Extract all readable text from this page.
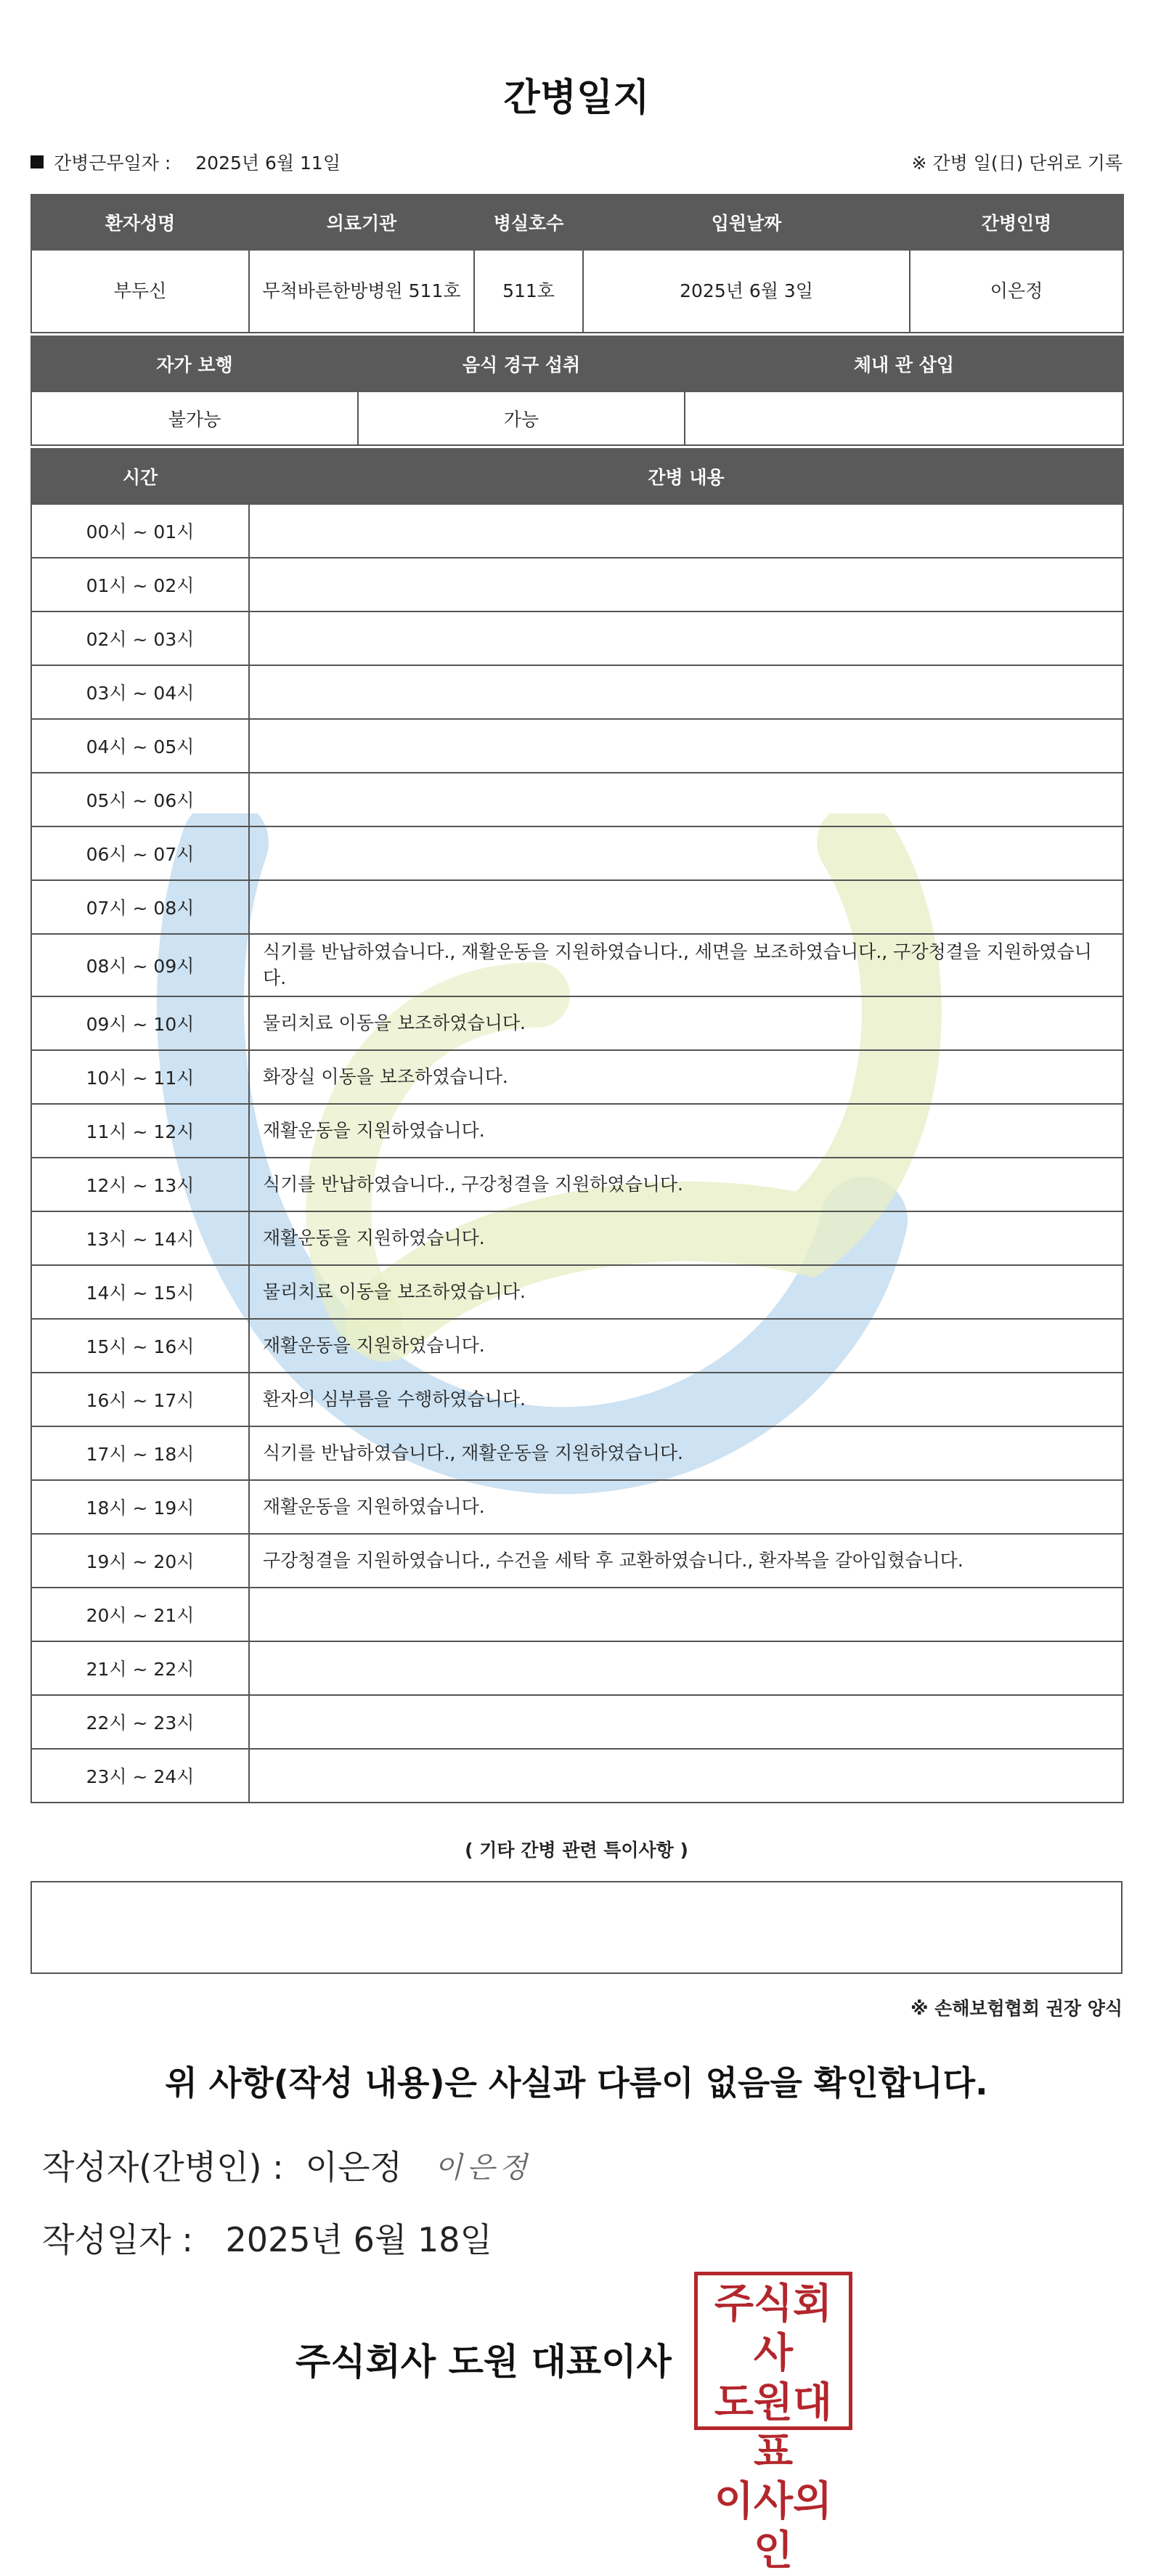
간병일지
간병근무일자 : 2025년 6월 11일	※ 간병 일(日) 단위로 기록
환자성명	의료기관	병실호수	입원날짜	간병인명
부두신	무척바른한방병원 511호	511호	2025년 6월 3일	이은정
자가 보행	음식 경구 섭취	체내 관 삽입
불가능	가능	
시간	간병 내용
00시 ~ 01시	
01시 ~ 02시	
02시 ~ 03시	
03시 ~ 04시	
04시 ~ 05시	
05시 ~ 06시	
06시 ~ 07시	
07시 ~ 08시	
08시 ~ 09시	식기를 반납하였습니다., 재활운동을 지원하였습니다., 세면을 보조하였습니다., 구강청결을 지원하였습니다.
09시 ~ 10시	물리치료 이동을 보조하였습니다.
10시 ~ 11시	화장실 이동을 보조하였습니다.
11시 ~ 12시	재활운동을 지원하였습니다.
12시 ~ 13시	식기를 반납하였습니다., 구강청결을 지원하였습니다.
13시 ~ 14시	재활운동을 지원하였습니다.
14시 ~ 15시	물리치료 이동을 보조하였습니다.
15시 ~ 16시	재활운동을 지원하였습니다.
16시 ~ 17시	환자의 심부름을 수행하였습니다.
17시 ~ 18시	식기를 반납하였습니다., 재활운동을 지원하였습니다.
18시 ~ 19시	재활운동을 지원하였습니다.
19시 ~ 20시	구강청결을 지원하였습니다., 수건을 세탁 후 교환하였습니다., 환자복을 갈아입혔습니다.
20시 ~ 21시	
21시 ~ 22시	
22시 ~ 23시	
23시 ~ 24시	
( 기타 간병 관련 특이사항 )
※ 손해보험협회 권장 양식
위 사항(작성 내용)은 사실과 다름이 없음을 확인합니다.
작성자(간병인) : 이은정 이은정
작성일자 : 2025년 6월 18일
주식회사 도원 대표이사
주식회사
도원대표
이사의인
